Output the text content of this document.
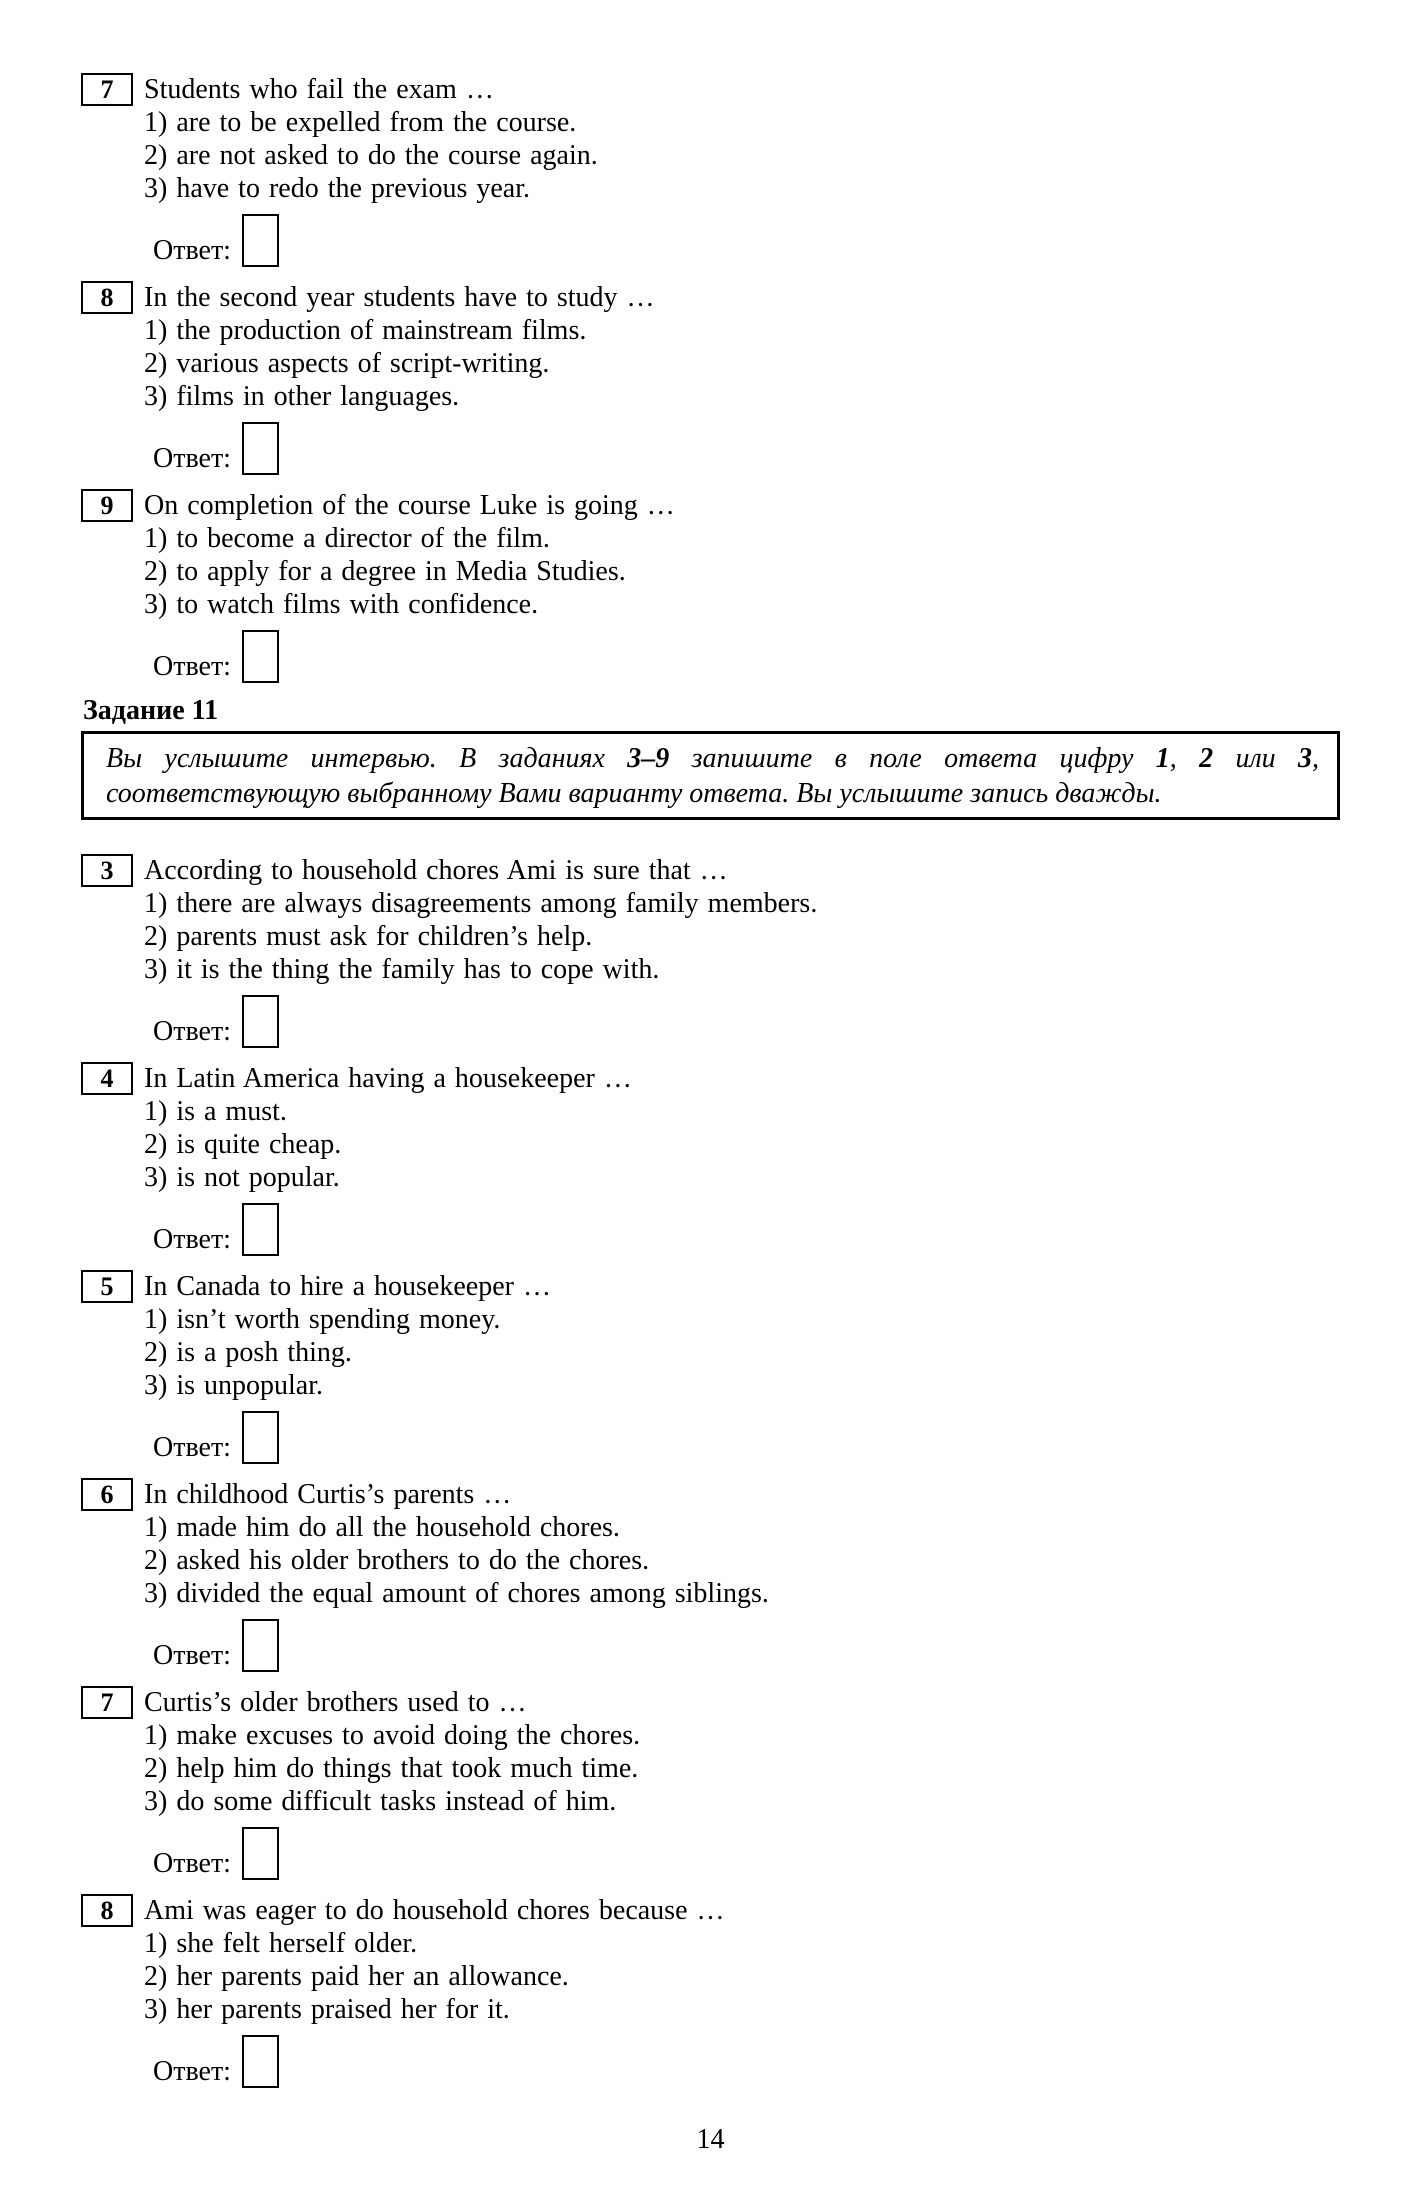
7 Students who fail the exam …
1) are to be expelled from the course.
2) are not asked to do the course again.
3) have to redo the previous year.
Ответ:
8 In the second year students have to study …
1) the production of mainstream films.
2) various aspects of script-writing.
3) films in other languages.
Ответ:
9 On completion of the course Luke is going …
1) to become a director of the film.
2) to apply for a degree in Media Studies.
3) to watch films with confidence.
Ответ:
Задание 11
Вы услышите интервью. В заданиях 3–9 запишите в поле ответа цифру 1, 2 или 3,
соответствующую выбранному Вами варианту ответа. Вы услышите запись дважды.
3 According to household chores Ami is sure that …
1) there are always disagreements among family members.
2) parents must ask for children’s help.
3) it is the thing the family has to cope with.
Ответ:
4 In Latin America having a housekeeper …
1) is a must.
2) is quite cheap.
3) is not popular.
Ответ:
5 In Canada to hire a housekeeper …
1) isn’t worth spending money.
2) is a posh thing.
3) is unpopular.
Ответ:
6 In childhood Curtis’s parents …
1) made him do all the household chores.
2) asked his older brothers to do the chores.
3) divided the equal amount of chores among siblings.
Ответ:
7 Curtis’s older brothers used to …
1) make excuses to avoid doing the chores.
2) help him do things that took much time.
3) do some difficult tasks instead of him.
Ответ:
8 Ami was eager to do household chores because …
1) she felt herself older.
2) her parents paid her an allowance.
3) her parents praised her for it.
Ответ:
14
